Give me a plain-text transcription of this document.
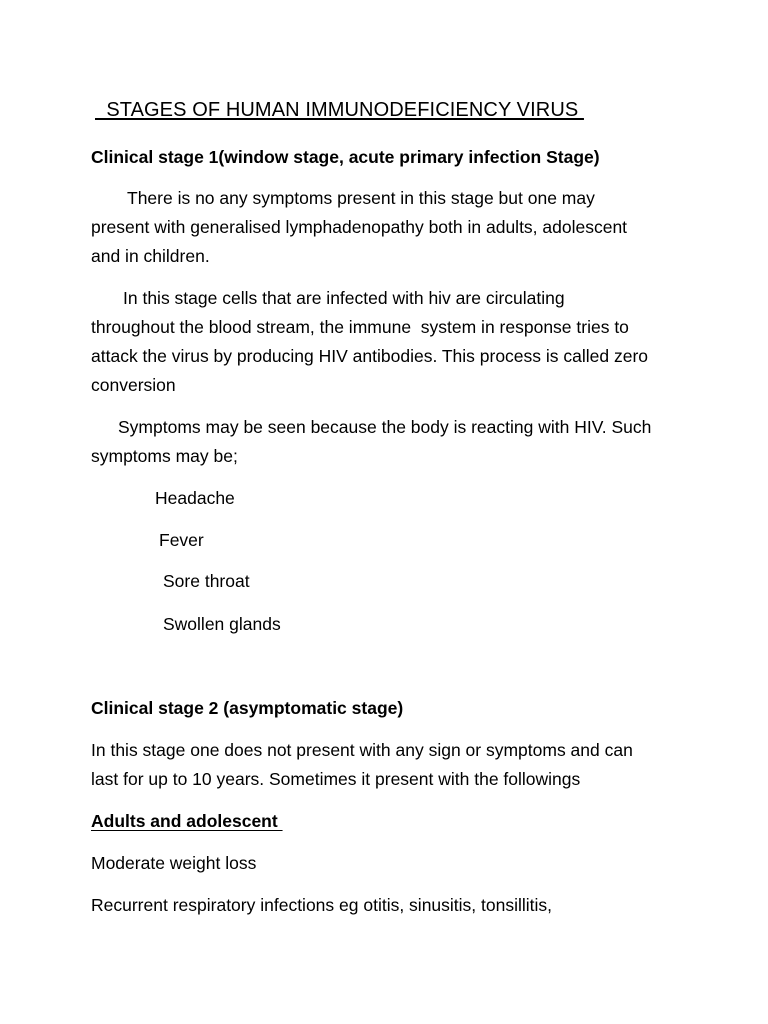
STAGES OF HUMAN IMMUNODEFICIENCY VIRUS

Clinical stage 1(window stage, acute primary infection Stage)

There is no any symptoms present in this stage but one may

present with generalised lymphadenopathy both in adults, adolescent

and in children.

In this stage cells that are infected with hiv are circulating

throughout the blood stream, the immune  system in response tries to

attack the virus by producing HIV antibodies. This process is called zero

conversion

Symptoms may be seen because the body is reacting with HIV. Such

symptoms may be;

Headache

Fever

Sore throat

Swollen glands

Clinical stage 2 (asymptomatic stage)

In this stage one does not present with any sign or symptoms and can

last for up to 10 years. Sometimes it present with the followings

Adults and adolescent

Moderate weight loss

Recurrent respiratory infections eg otitis, sinusitis, tonsillitis,
